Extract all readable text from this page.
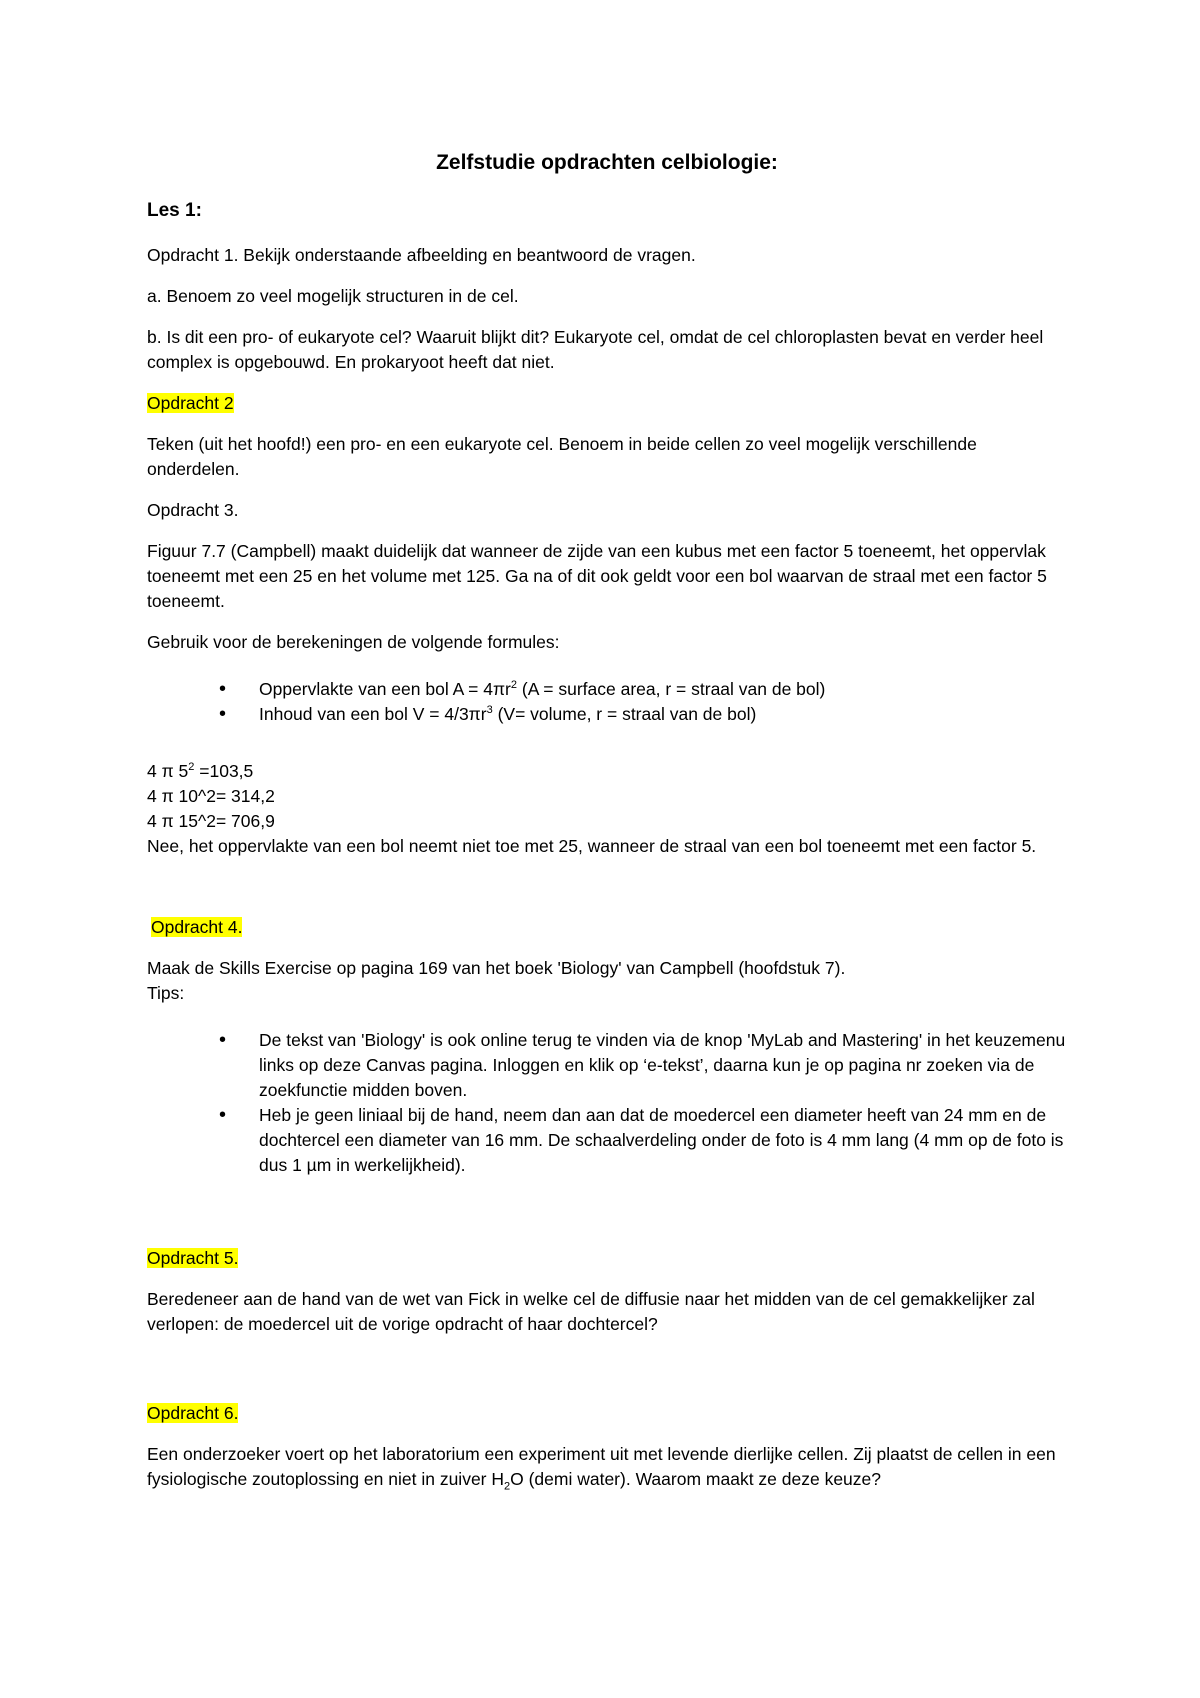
Zelfstudie opdrachten celbiologie:
Les 1:

Opdracht 1. Bekijk onderstaande afbeelding en beantwoord de vragen.

a. Benoem zo veel mogelijk structuren in de cel.

b. Is dit een pro- of eukaryote cel? Waaruit blijkt dit? Eukaryote cel, omdat de cel chloroplasten bevat en verder heel complex is opgebouwd. En prokaryoot heeft dat niet.

Opdracht 2

Teken (uit het hoofd!) een pro- en een eukaryote cel. Benoem in beide cellen zo veel mogelijk verschillende onderdelen.

Opdracht 3.

Figuur 7.7 (Campbell) maakt duidelijk dat wanneer de zijde van een kubus met een factor 5 toeneemt, het oppervlak toeneemt met een 25 en het volume met 125. Ga na of dit ook geldt voor een bol waarvan de straal met een factor 5 toeneemt.

Gebruik voor de berekeningen de volgende formules:

• Oppervlakte van een bol $A = 4\pi r^2$ (A = surface area, r = straal van de bol)
• Inhoud van een bol $V = 4/3\pi r^3$ (V= volume, r = straal van de bol)
4 π $5^2 =103,5$
4 π 10^2= 314,2
4 π 15^2= 706,9
Nee, het oppervlakte van een bol neemt niet toe met 25, wanneer de straal van een bol toeneemt met een factor 5.

Opdracht 4.

Maak de Skills Exercise op pagina 169 van het boek 'Biology' van Campbell (hoofdstuk 7).

Tips:

• De tekst van 'Biology' is ook online terug te vinden via de knop 'MyLab and Mastering' in het keuzemenu links op deze Canvas pagina. Inloggen en klik op ‘e-tekst’, daarna kun je op pagina nr zoeken via de zoekfunctie midden boven.
• Heb je geen liniaal bij de hand, neem dan aan dat de moedercel een diameter heeft van 24 mm en de dochtercel een diameter van 16 mm. De schaalverdeling onder de foto is 4 mm lang (4 mm op de foto is dus 1 µm in werkelijkheid).

Opdracht 5.

Beredeneer aan de hand van de wet van Fick in welke cel de diffusie naar het midden van de cel gemakkelijker zal verlopen: de moedercel uit de vorige opdracht of haar dochtercel?

Opdracht 6.

Een onderzoeker voert op het laboratorium een experiment uit met levende dierlijke cellen. Zij plaatst de cellen in een fysiologische zoutoplossing en niet in zuiver $H_2O$ (demi water). Waarom maakt ze deze keuze?
